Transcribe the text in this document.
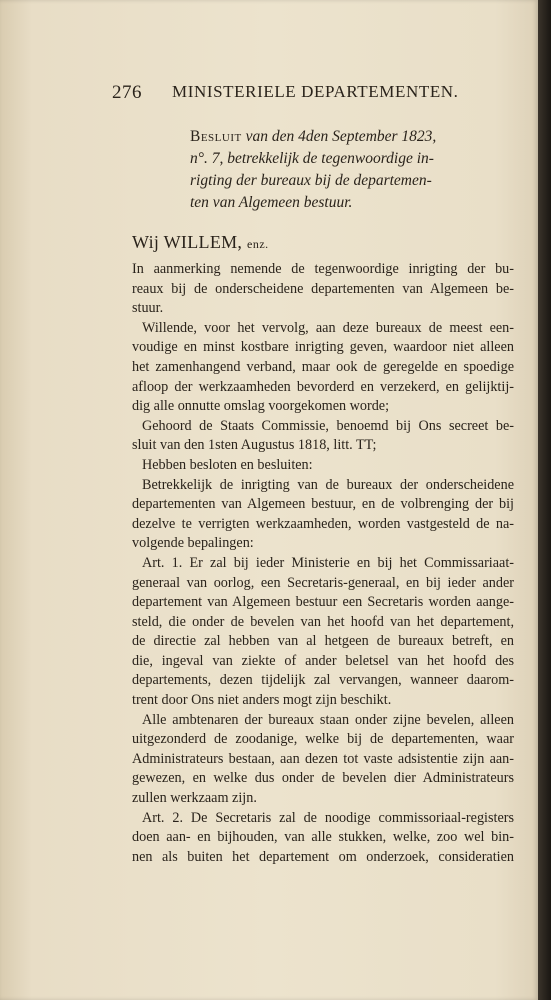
276 MINISTERIELE DEPARTEMENTEN.
Besluit van den 4den September 1823,
n°. 7, betrekkelijk de tegenwoordige in-
rigting der bureaux bij de departemen-
ten van Algemeen bestuur.
Wij WILLEM, enz.
In aanmerking nemende de tegenwoordige inrigting der bu-
reaux bij de onderscheidene departementen van Algemeen be-
stuur.
Willende, voor het vervolg, aan deze bureaux de meest een-
voudige en minst kostbare inrigting geven, waardoor niet alleen
het zamenhangend verband, maar ook de geregelde en spoedige
afloop der werkzaamheden bevorderd en verzekerd, en gelijktij-
dig alle onnutte omslag voorgekomen worde;
Gehoord de Staats Commissie, benoemd bij Ons secreet be-
sluit van den 1sten Augustus 1818, litt. TT;
Hebben besloten en besluiten:
Betrekkelijk de inrigting van de bureaux der onderscheidene
departementen van Algemeen bestuur, en de volbrenging der bij
dezelve te verrigten werkzaamheden, worden vastgesteld de na-
volgende bepalingen:
Art. 1. Er zal bij ieder Ministerie en bij het Commissariaat-
generaal van oorlog, een Secretaris-generaal, en bij ieder ander
departement van Algemeen bestuur een Secretaris worden aange-
steld, die onder de bevelen van het hoofd van het departement,
de directie zal hebben van al hetgeen de bureaux betreft, en
die, ingeval van ziekte of ander beletsel van het hoofd des
departements, dezen tijdelijk zal vervangen, wanneer daarom-
trent door Ons niet anders mogt zijn beschikt.
Alle ambtenaren der bureaux staan onder zijne bevelen, alleen
uitgezonderd de zoodanige, welke bij de departementen, waar
Administrateurs bestaan, aan dezen tot vaste adsistentie zijn aan-
gewezen, en welke dus onder de bevelen dier Administrateurs
zullen werkzaam zijn.
Art. 2. De Secretaris zal de noodige commissoriaal-registers
doen aan- en bijhouden, van alle stukken, welke, zoo wel bin-
nen als buiten het departement om onderzoek, consideratien
